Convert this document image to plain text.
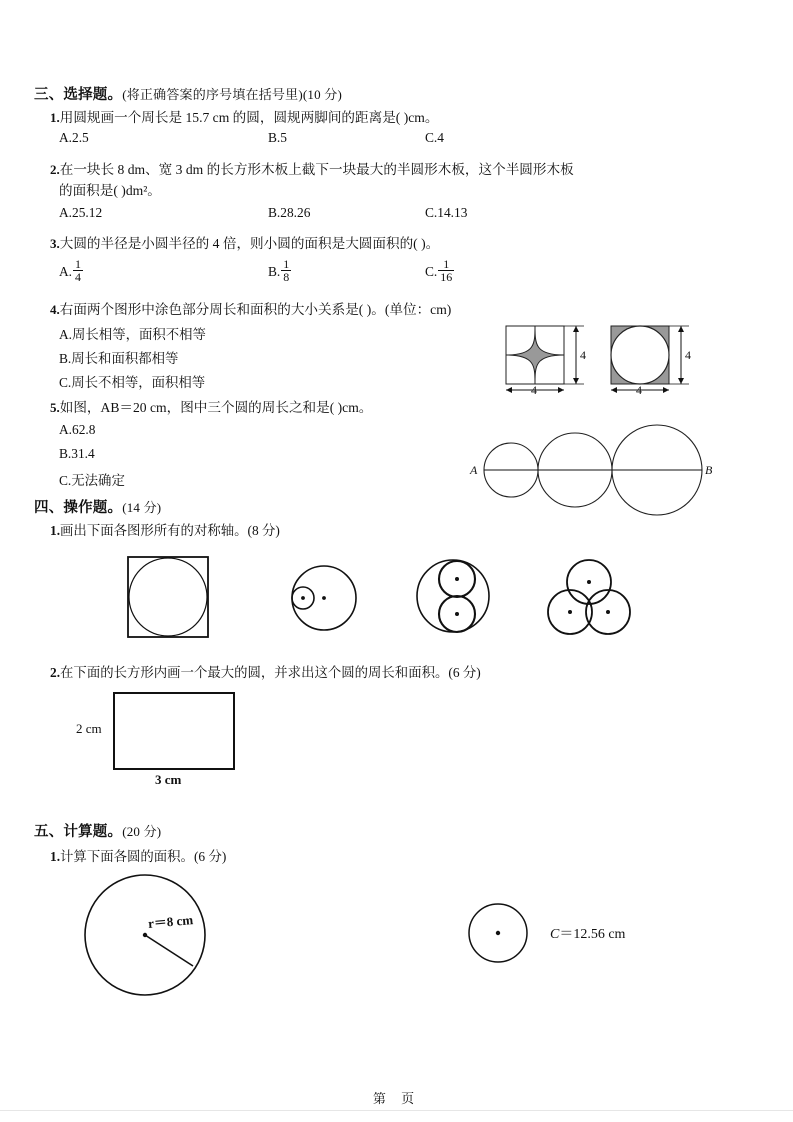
三、选择题。(将正确答案的序号填在括号里)(10 分)
1.用圆规画一个周长是 15.7 cm 的圆，圆规两脚间的距离是( )cm。
A.2.5	B.5	C.4
2.在一块长 8 dm、宽 3 dm 的长方形木板上截下一块最大的半圆形木板，这个半圆形木板
的面积是( )dm²。
A.25.12	B.28.26	C.14.13
3.大圆的半径是小圆半径的 4 倍，则小圆的面积是大圆面积的( )。
A. $\frac{1}{4}$	B. $\frac{1}{8}$	C. $\frac{1}{16}$
4.右面两个图形中涂色部分周长和面积的大小关系是( )。(单位：cm)
A.周长相等，面积不相等
B.周长和面积都相等
C.周长不相等，面积相等
4
4
4
4
5.如图，AB＝20 cm，图中三个圆的周长之和是( )cm。
A.62.8
B.31.4
C.无法确定
A	B
四、操作题。(14 分)
1.画出下面各图形所有的对称轴。(8 分)
2.在下面的长方形内画一个最大的圆，并求出这个圆的周长和面积。(6 分)
2 cm
3 cm
五、计算题。(20 分)
1.计算下面各圆的面积。(6 分)
r＝8 cm
C＝12.56 cm
第 页
